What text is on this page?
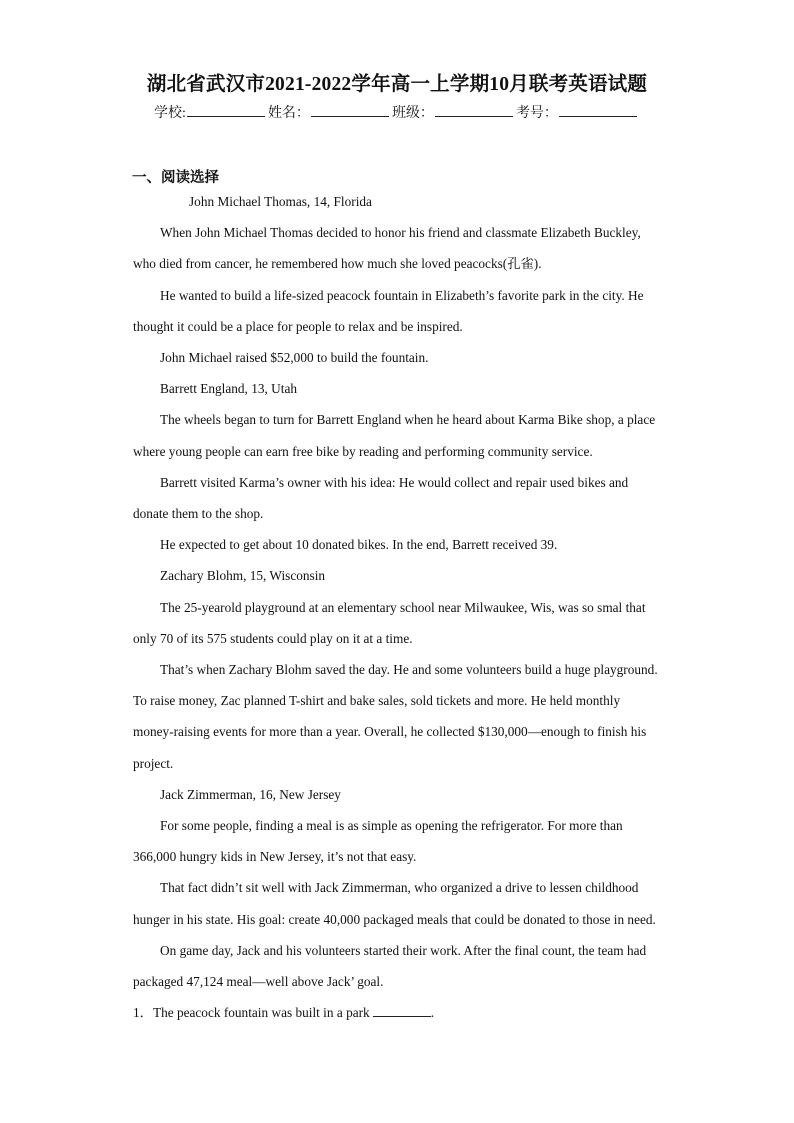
湖北省武汉市2021-2022学年高一上学期10月联考英语试题
学校:	姓名：	班级：	考号：
一、阅读选择

John Michael Thomas, 14, Florida

When John Michael Thomas decided to honor his friend and classmate Elizabeth Buckley, who died from cancer, he remembered how much she loved peacocks(孔雀).

He wanted to build a life-sized peacock fountain in Elizabeth’s favorite park in the city. He thought it could be a place for people to relax and be inspired.

John Michael raised $52,000 to build the fountain.

Barrett England, 13, Utah

The wheels began to turn for Barrett England when he heard about Karma Bike shop, a place where young people can earn free bike by reading and performing community service.

Barrett visited Karma’s owner with his idea: He would collect and repair used bikes and donate them to the shop.

He expected to get about 10 donated bikes. In the end, Barrett received 39.

Zachary Blohm, 15, Wisconsin

The 25-yearold playground at an elementary school near Milwaukee, Wis, was so smal that only 70 of its 575 students could play on it at a time.

That’s when Zachary Blohm saved the day. He and some volunteers build a huge playground. To raise money, Zac planned T-shirt and bake sales, sold tickets and more. He held monthly money-raising events for more than a year. Overall, he collected $130,000—enough to finish his project.

Jack Zimmerman, 16, New Jersey

For some people, finding a meal is as simple as opening the refrigerator. For more than 366,000 hungry kids in New Jersey, it’s not that easy.

That fact didn’t sit well with Jack Zimmerman, who organized a drive to lessen childhood hunger in his state. His goal: create 40,000 packaged meals that could be donated to those in need.

On game day, Jack and his volunteers started their work. After the final count, the team had packaged 47,124 meal—well above Jack’ goal.

1．The peacock fountain was built in a park	.
